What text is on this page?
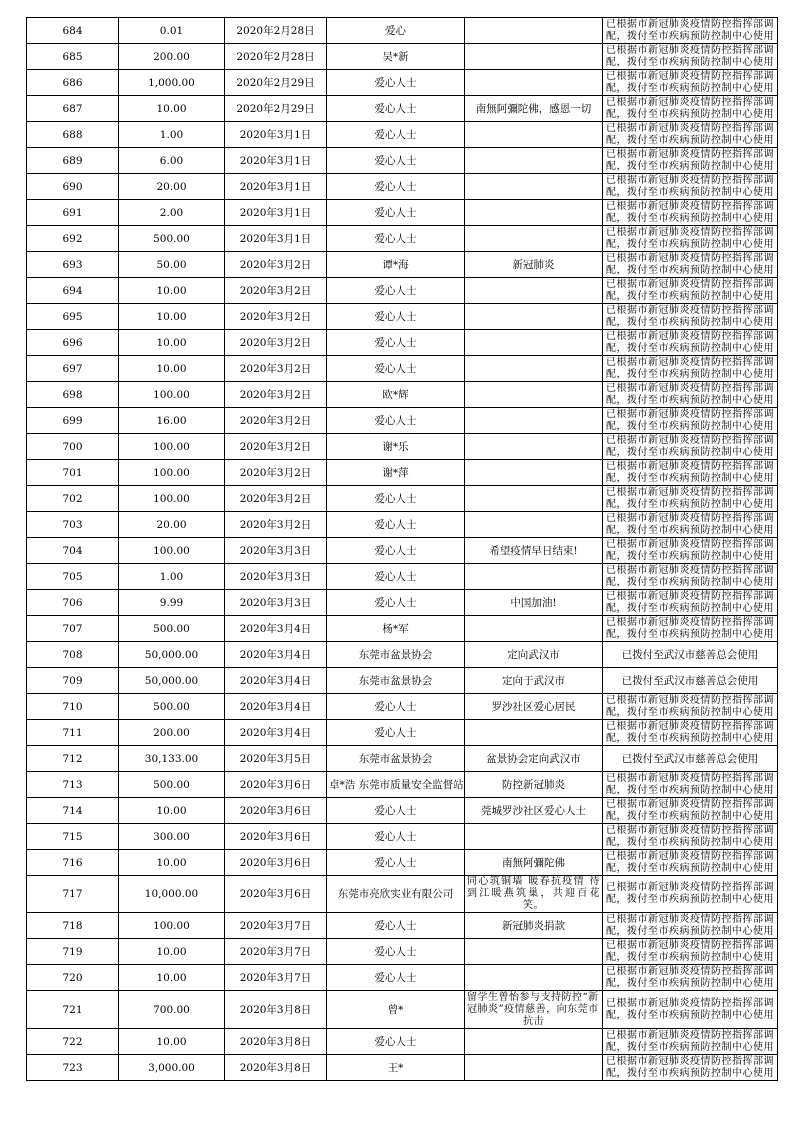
684	0.01	2020年2月28日	爱心		已根据市新冠肺炎疫情防控指挥部调配，拨付至市疾病预防控制中心使用
685	200.00	2020年2月28日	吴*新		已根据市新冠肺炎疫情防控指挥部调配，拨付至市疾病预防控制中心使用
686	1,000.00	2020年2月29日	爱心人士		已根据市新冠肺炎疫情防控指挥部调配，拨付至市疾病预防控制中心使用
687	10.00	2020年2月29日	爱心人士	南無阿彌陀佛，感恩一切	已根据市新冠肺炎疫情防控指挥部调配，拨付至市疾病预防控制中心使用
688	1.00	2020年3月1日	爱心人士		已根据市新冠肺炎疫情防控指挥部调配，拨付至市疾病预防控制中心使用
689	6.00	2020年3月1日	爱心人士		已根据市新冠肺炎疫情防控指挥部调配，拨付至市疾病预防控制中心使用
690	20.00	2020年3月1日	爱心人士		已根据市新冠肺炎疫情防控指挥部调配，拨付至市疾病预防控制中心使用
691	2.00	2020年3月1日	爱心人士		已根据市新冠肺炎疫情防控指挥部调配，拨付至市疾病预防控制中心使用
692	500.00	2020年3月1日	爱心人士		已根据市新冠肺炎疫情防控指挥部调配，拨付至市疾病预防控制中心使用
693	50.00	2020年3月2日	谭*海	新冠肺炎	已根据市新冠肺炎疫情防控指挥部调配，拨付至市疾病预防控制中心使用
694	10.00	2020年3月2日	爱心人士		已根据市新冠肺炎疫情防控指挥部调配，拨付至市疾病预防控制中心使用
695	10.00	2020年3月2日	爱心人士		已根据市新冠肺炎疫情防控指挥部调配，拨付至市疾病预防控制中心使用
696	10.00	2020年3月2日	爱心人士		已根据市新冠肺炎疫情防控指挥部调配，拨付至市疾病预防控制中心使用
697	10.00	2020年3月2日	爱心人士		已根据市新冠肺炎疫情防控指挥部调配，拨付至市疾病预防控制中心使用
698	100.00	2020年3月2日	欧*辉		已根据市新冠肺炎疫情防控指挥部调配，拨付至市疾病预防控制中心使用
699	16.00	2020年3月2日	爱心人士		已根据市新冠肺炎疫情防控指挥部调配，拨付至市疾病预防控制中心使用
700	100.00	2020年3月2日	谢*乐		已根据市新冠肺炎疫情防控指挥部调配，拨付至市疾病预防控制中心使用
701	100.00	2020年3月2日	谢*萍		已根据市新冠肺炎疫情防控指挥部调配，拨付至市疾病预防控制中心使用
702	100.00	2020年3月2日	爱心人士		已根据市新冠肺炎疫情防控指挥部调配，拨付至市疾病预防控制中心使用
703	20.00	2020年3月2日	爱心人士		已根据市新冠肺炎疫情防控指挥部调配，拨付至市疾病预防控制中心使用
704	100.00	2020年3月3日	爱心人士	希望疫情早日结束!	已根据市新冠肺炎疫情防控指挥部调配，拨付至市疾病预防控制中心使用
705	1.00	2020年3月3日	爱心人士		已根据市新冠肺炎疫情防控指挥部调配，拨付至市疾病预防控制中心使用
706	9.99	2020年3月3日	爱心人士	中国加油!	已根据市新冠肺炎疫情防控指挥部调配，拨付至市疾病预防控制中心使用
707	500.00	2020年3月4日	杨*军		已根据市新冠肺炎疫情防控指挥部调配，拨付至市疾病预防控制中心使用
708	50,000.00	2020年3月4日	东莞市盆景协会	定向武汉市	已拨付至武汉市慈善总会使用
709	50,000.00	2020年3月4日	东莞市盆景协会	定向于武汉市	已拨付至武汉市慈善总会使用
710	500.00	2020年3月4日	爱心人士	罗沙社区爱心居民	已根据市新冠肺炎疫情防控指挥部调配，拨付至市疾病预防控制中心使用
711	200.00	2020年3月4日	爱心人士		已根据市新冠肺炎疫情防控指挥部调配，拨付至市疾病预防控制中心使用
712	30,133.00	2020年3月5日	东莞市盆景协会	盆景协会定向武汉市	已拨付至武汉市慈善总会使用
713	500.00	2020年3月6日	卓*浩 东莞市质量安全监督站	防控新冠肺炎	已根据市新冠肺炎疫情防控指挥部调配，拨付至市疾病预防控制中心使用
714	10.00	2020年3月6日	爱心人士	莞城罗沙社区爱心人士	已根据市新冠肺炎疫情防控指挥部调配，拨付至市疾病预防控制中心使用
715	300.00	2020年3月6日	爱心人士		已根据市新冠肺炎疫情防控指挥部调配，拨付至市疾病预防控制中心使用
716	10.00	2020年3月6日	爱心人士	南無阿彌陀佛	已根据市新冠肺炎疫情防控指挥部调配，拨付至市疾病预防控制中心使用
717	10,000.00	2020年3月6日	东莞市亮欣实业有限公司	同心筑铜墙 暖春抗疫情 待到江暖燕筑巢，共迎百花笑。	已根据市新冠肺炎疫情防控指挥部调配，拨付至市疾病预防控制中心使用
718	100.00	2020年3月7日	爱心人士	新冠肺炎捐款	已根据市新冠肺炎疫情防控指挥部调配，拨付至市疾病预防控制中心使用
719	10.00	2020年3月7日	爱心人士		已根据市新冠肺炎疫情防控指挥部调配，拨付至市疾病预防控制中心使用
720	10.00	2020年3月7日	爱心人士		已根据市新冠肺炎疫情防控指挥部调配，拨付至市疾病预防控制中心使用
721	700.00	2020年3月8日	曾*	留学生曾怡参与支持防控“新冠肺炎”疫情慈善，向东莞市抗击	已根据市新冠肺炎疫情防控指挥部调配，拨付至市疾病预防控制中心使用
722	10.00	2020年3月8日	爱心人士		已根据市新冠肺炎疫情防控指挥部调配，拨付至市疾病预防控制中心使用
723	3,000.00	2020年3月8日	王*		已根据市新冠肺炎疫情防控指挥部调配，拨付至市疾病预防控制中心使用
